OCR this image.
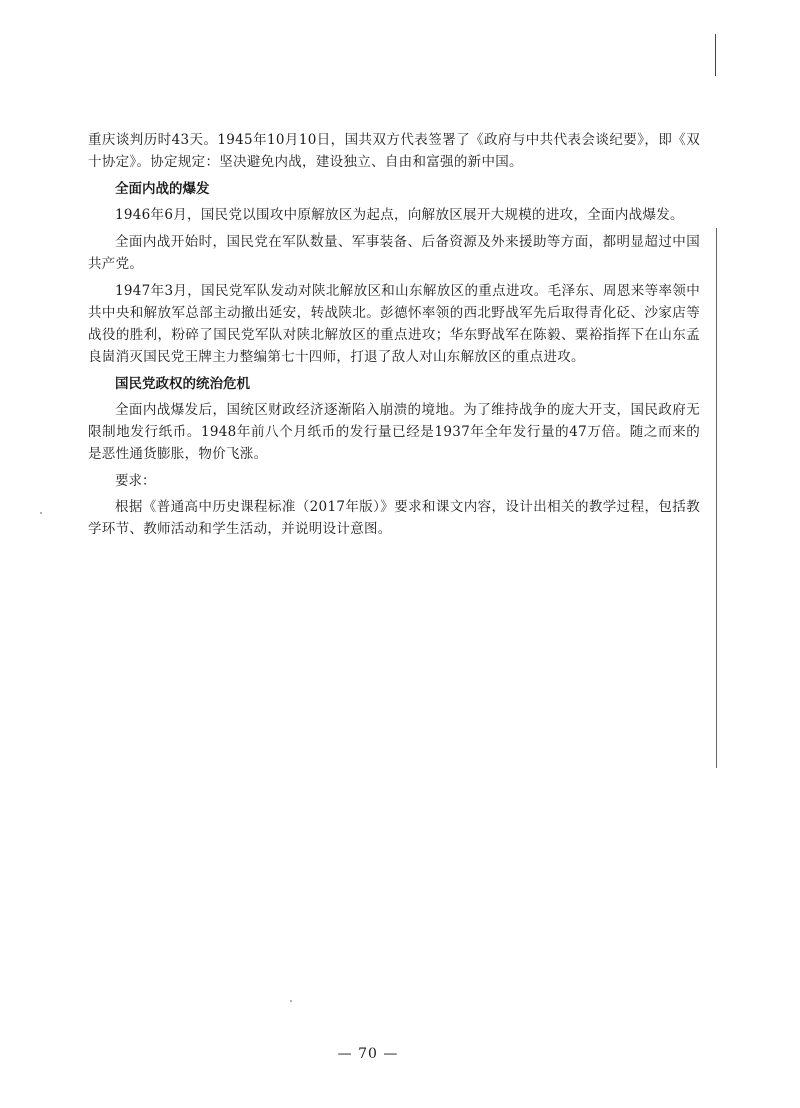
重庆谈判历时43天。1945年10月10日，国共双方代表签署了《政府与中共代表会谈纪要》，即《双十协定》。协定规定：坚决避免内战，建设独立、自由和富强的新中国。

全面内战的爆发

1946年6月，国民党以围攻中原解放区为起点，向解放区展开大规模的进攻，全面内战爆发。

全面内战开始时，国民党在军队数量、军事装备、后备资源及外来援助等方面，都明显超过中国共产党。

1947年3月，国民党军队发动对陕北解放区和山东解放区的重点进攻。毛泽东、周恩来等率领中共中央和解放军总部主动撤出延安，转战陕北。彭德怀率领的西北野战军先后取得青化砭、沙家店等战役的胜利，粉碎了国民党军队对陕北解放区的重点进攻；华东野战军在陈毅、粟裕指挥下在山东孟良崮消灭国民党王牌主力整编第七十四师，打退了敌人对山东解放区的重点进攻。

国民党政权的统治危机

全面内战爆发后，国统区财政经济逐渐陷入崩溃的境地。为了维持战争的庞大开支，国民政府无限制地发行纸币。1948年前八个月纸币的发行量已经是1937年全年发行量的47万倍。随之而来的是恶性通货膨胀，物价飞涨。

要求：

根据《普通高中历史课程标准（2017年版）》要求和课文内容，设计出相关的教学过程，包括教学环节、教师活动和学生活动，并说明设计意图。

— 70 —
